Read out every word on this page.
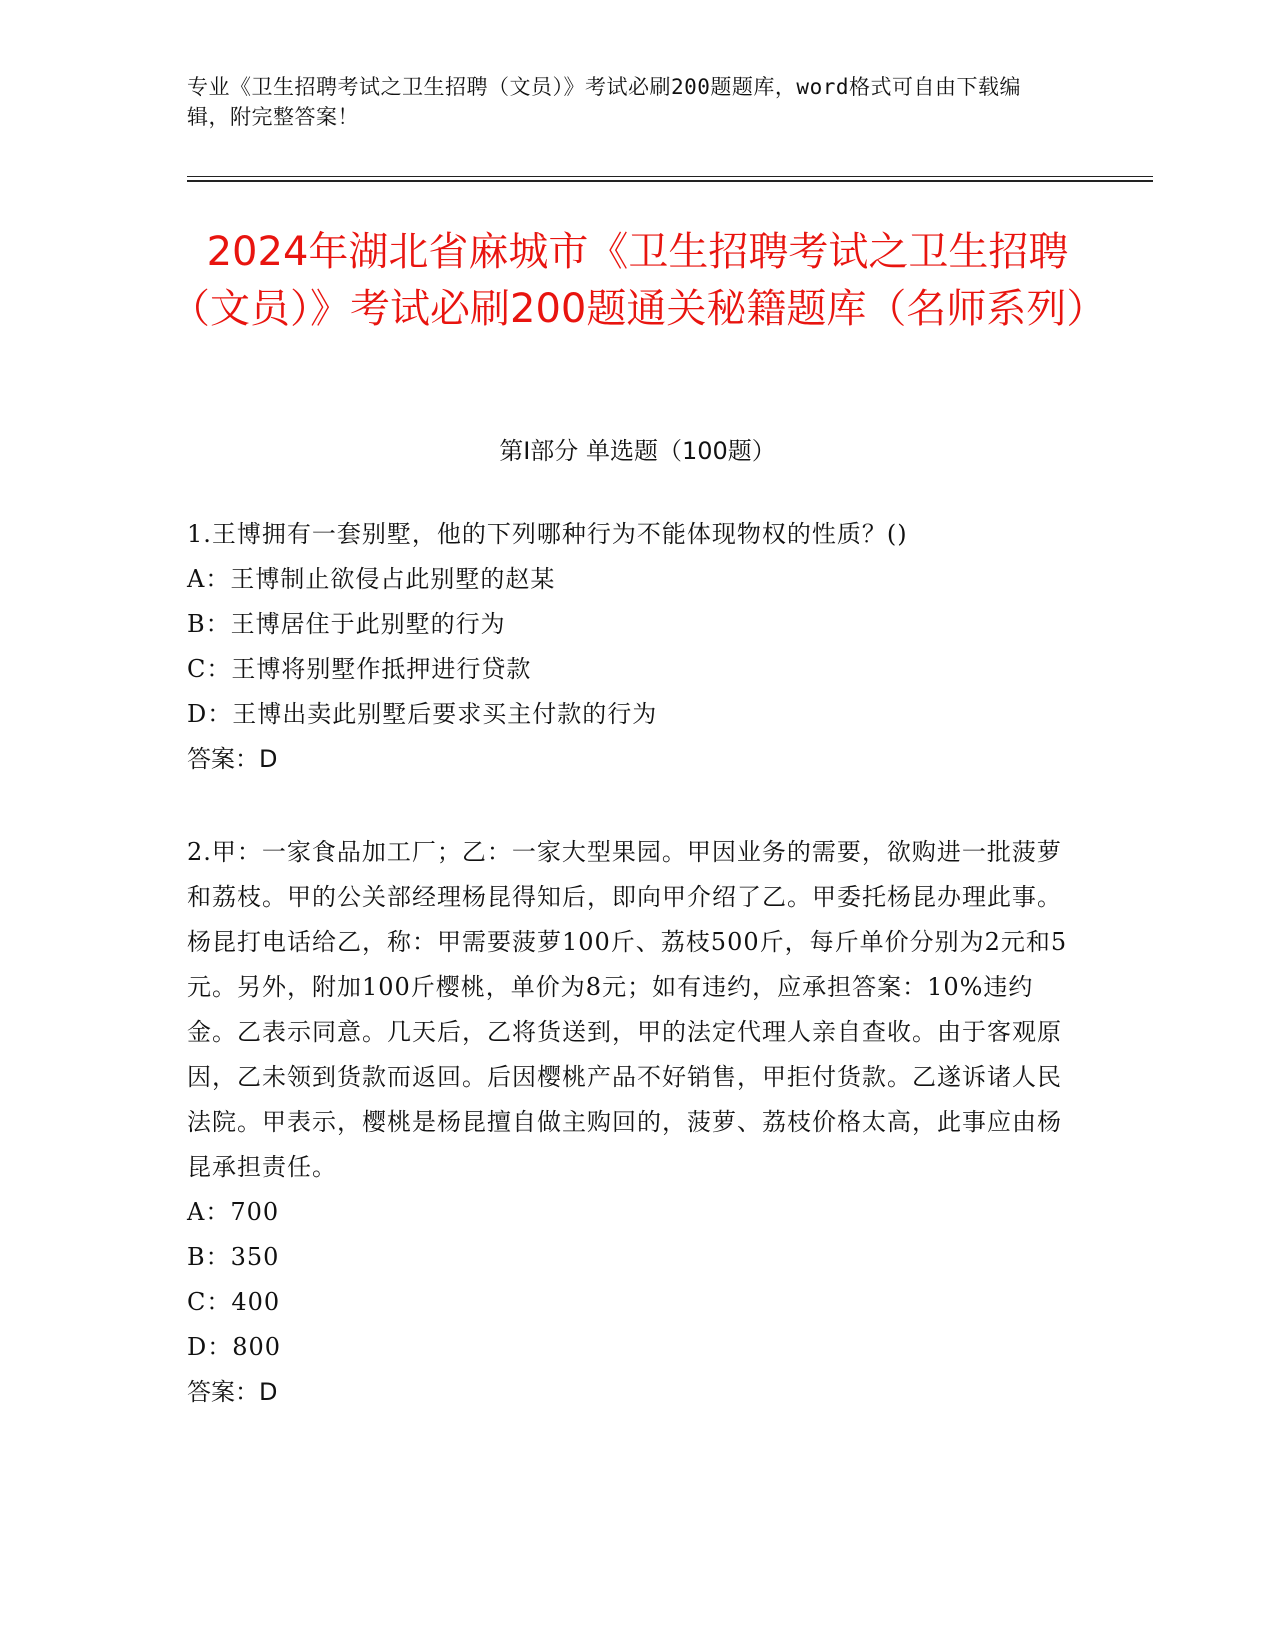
专业《卫生招聘考试之卫生招聘（文员）》考试必刷200题题库，word格式可自由下载编辑，附完整答案！
2024年湖北省麻城市《卫生招聘考试之卫生招聘（文员）》考试必刷200题通关秘籍题库（名师系列）
第Ⅰ部分 单选题（100题）

1.王博拥有一套别墅，他的下列哪种行为不能体现物权的性质？()

A：王博制止欲侵占此别墅的赵某

B：王博居住于此别墅的行为

C：王博将别墅作抵押进行贷款

D：王博出卖此别墅后要求买主付款的行为

答案：D

2.甲：一家食品加工厂；乙：一家大型果园。甲因业务的需要，欲购进一批菠萝和荔枝。甲的公关部经理杨昆得知后，即向甲介绍了乙。甲委托杨昆办理此事。杨昆打电话给乙，称：甲需要菠萝100斤、荔枝500斤，每斤单价分别为2元和5元。另外，附加100斤樱桃，单价为8元；如有违约，应承担答案：10%违约金。乙表示同意。几天后，乙将货送到，甲的法定代理人亲自查收。由于客观原因，乙未领到货款而返回。后因樱桃产品不好销售，甲拒付货款。乙遂诉诸人民法院。甲表示，樱桃是杨昆擅自做主购回的，菠萝、荔枝价格太高，此事应由杨昆承担责任。

A：700

B：350

C：400

D：800

答案：D
